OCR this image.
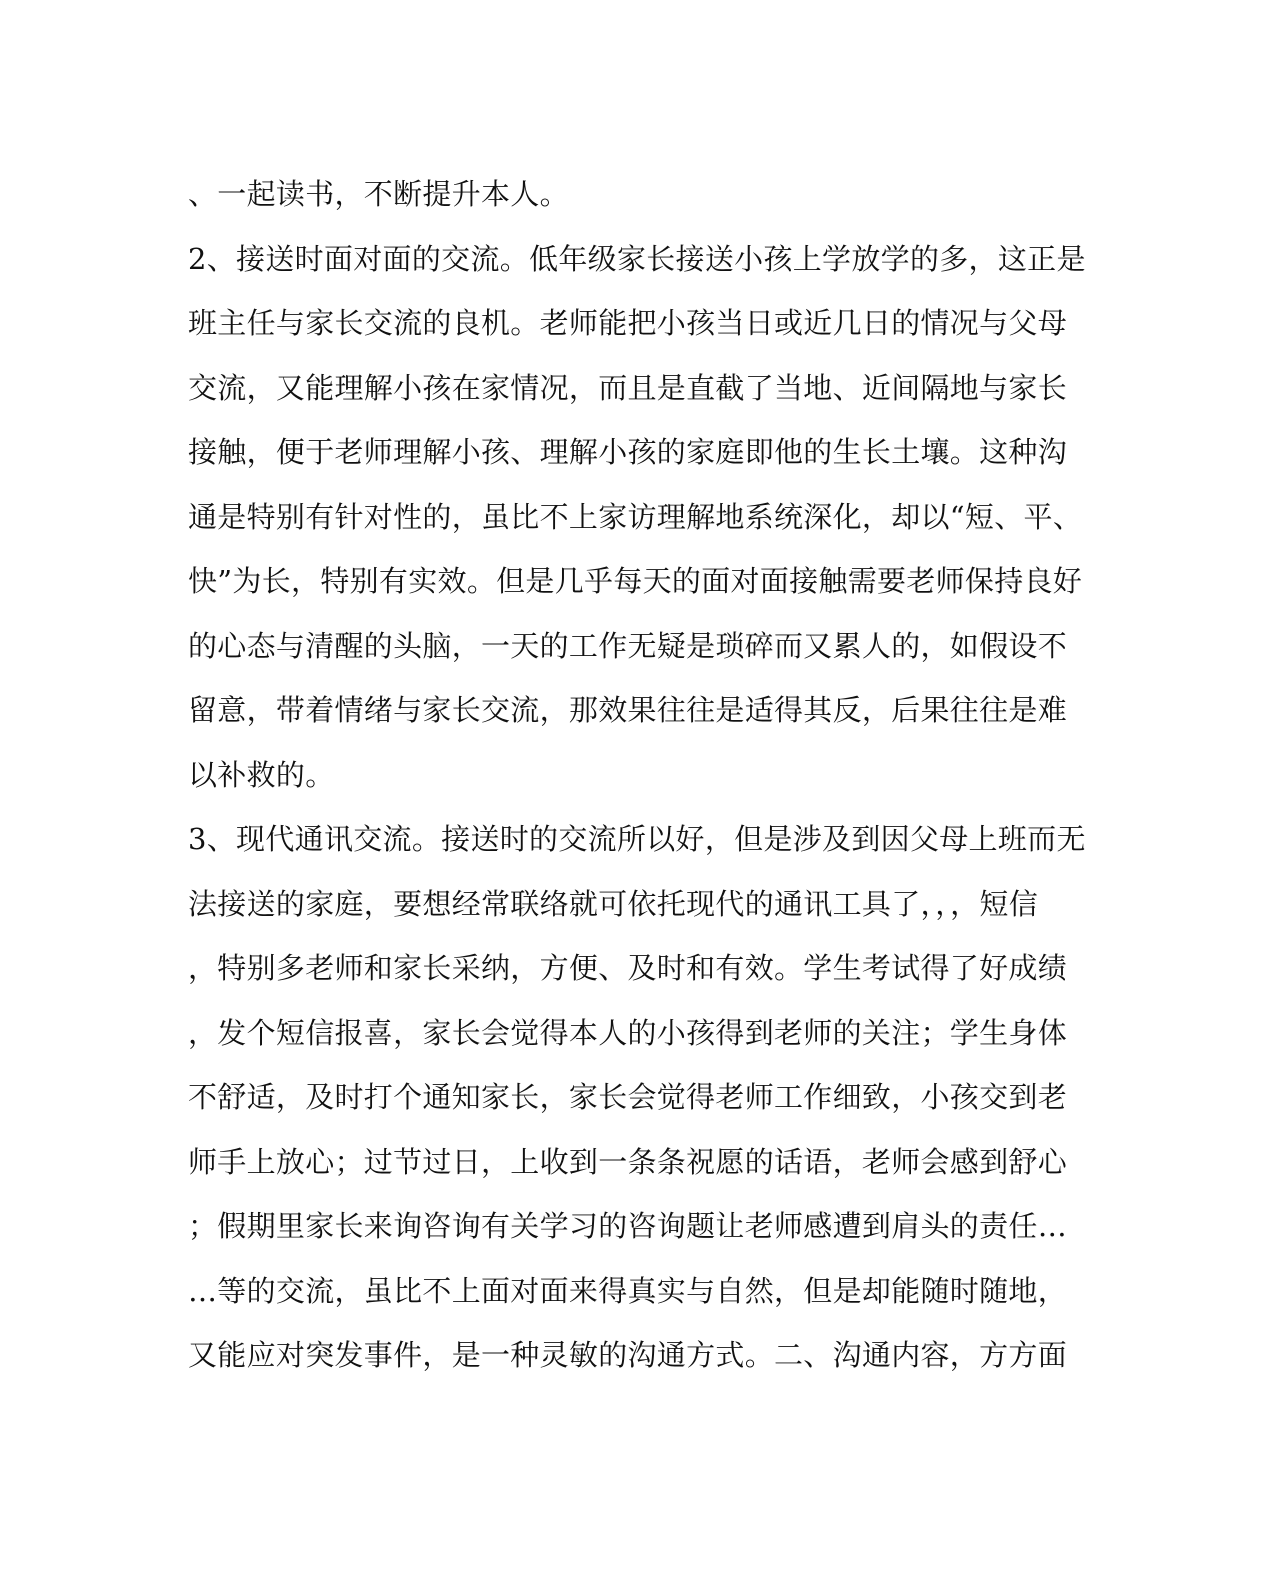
、一起读书，不断提升本人。
2、接送时面对面的交流。低年级家长接送小孩上学放学的多，这正是
班主任与家长交流的良机。老师能把小孩当日或近几日的情况与父母
交流，又能理解小孩在家情况，而且是直截了当地、近间隔地与家长
接触，便于老师理解小孩、理解小孩的家庭即他的生长土壤。这种沟
通是特别有针对性的，虽比不上家访理解地系统深化，却以“短、平、
快”为长，特别有实效。但是几乎每天的面对面接触需要老师保持良好
的心态与清醒的头脑，一天的工作无疑是琐碎而又累人的，如假设不
留意，带着情绪与家长交流，那效果往往是适得其反，后果往往是难
以补救的。
3、现代通讯交流。接送时的交流所以好，但是涉及到因父母上班而无
法接送的家庭，要想经常联络就可依托现代的通讯工具了，，，短信
，特别多老师和家长采纳，方便、及时和有效。学生考试得了好成绩
，发个短信报喜，家长会觉得本人的小孩得到老师的关注；学生身体
不舒适，及时打个通知家长，家长会觉得老师工作细致，小孩交到老
师手上放心；过节过日，上收到一条条祝愿的话语，老师会感到舒心
；假期里家长来询咨询有关学习的咨询题让老师感遭到肩头的责任…
…等的交流，虽比不上面对面来得真实与自然，但是却能随时随地，
又能应对突发事件，是一种灵敏的沟通方式。二、沟通内容，方方面
